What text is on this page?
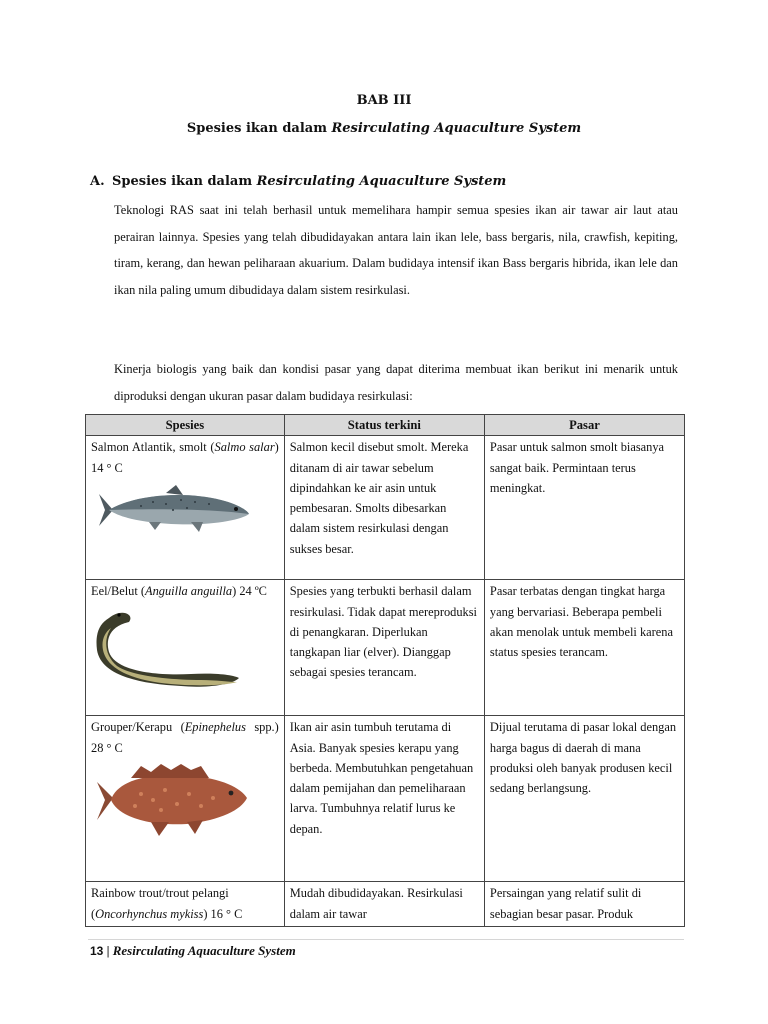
BAB III
Spesies ikan dalam Resirculating Aquaculture System
A. Spesies ikan dalam Resirculating Aquaculture System
Teknologi RAS saat ini telah berhasil untuk memelihara hampir semua spesies ikan air tawar air laut atau perairan lainnya. Spesies yang telah dibudidayakan antara lain ikan lele, bass bergaris, nila, crawfish, kepiting, tiram, kerang, dan hewan peliharaan akuarium. Dalam budidaya intensif ikan Bass bergaris hibrida, ikan lele dan ikan nila paling umum dibudidaya dalam sistem resirkulasi.
Kinerja biologis yang baik dan kondisi pasar yang dapat diterima membuat ikan berikut ini menarik untuk diproduksi dengan ukuran pasar dalam budidaya resirkulasi:
Spesies	Status terkini	Pasar
Salmon Atlantik, smolt (Salmo salar) 14 ° C	Salmon kecil disebut smolt. Mereka ditanam di air tawar sebelum dipindahkan ke air asin untuk pembesaran. Smolts dibesarkan dalam sistem resirkulasi dengan sukses besar.	Pasar untuk salmon smolt biasanya sangat baik. Permintaan terus meningkat.
Eel/Belut (Anguilla anguilla) 24 ºC	Spesies yang terbukti berhasil dalam resirkulasi. Tidak dapat mereproduksi di penangkaran. Diperlukan tangkapan liar (elver). Dianggap sebagai spesies terancam.	Pasar terbatas dengan tingkat harga yang bervariasi. Beberapa pembeli akan menolak untuk membeli karena status spesies terancam.
Grouper/Kerapu (Epinephelus spp.) 28 ° C	Ikan air asin tumbuh terutama di Asia. Banyak spesies kerapu yang berbeda. Membutuhkan pengetahuan dalam pemijahan dan pemeliharaan larva. Tumbuhnya relatif lurus ke depan.	Dijual terutama di pasar lokal dengan harga bagus di daerah di mana produksi oleh banyak produsen kecil sedang berlangsung.
Rainbow trout/trout pelangi (Oncorhynchus mykiss) 16 ° C	Mudah dibudidayakan. Resirkulasi dalam air tawar	Persaingan yang relatif sulit di sebagian besar pasar. Produk
13 | Resirculating Aquaculture System
